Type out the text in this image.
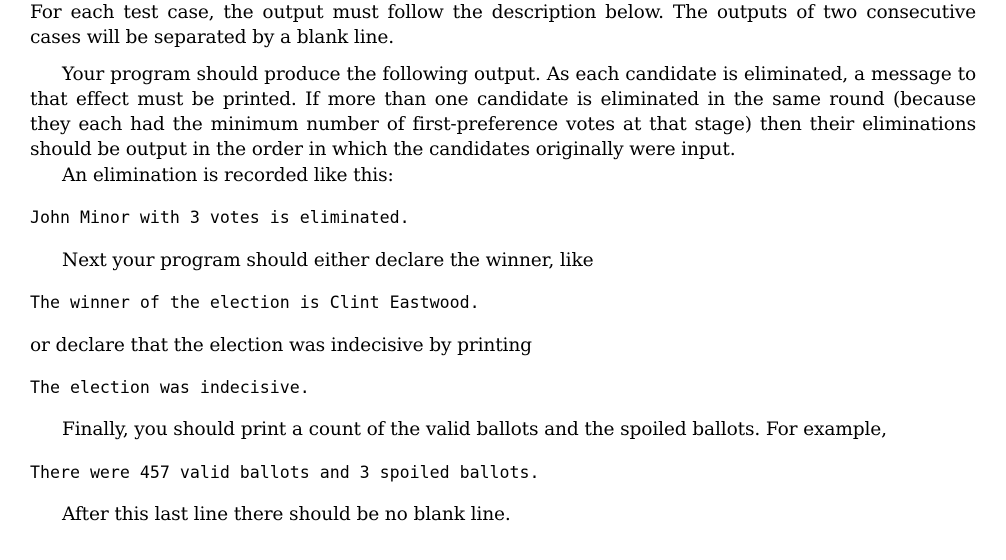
For each test case, the output must follow the description below. The outputs of two consecutive cases will be separated by a blank line.

Your program should produce the following output. As each candidate is eliminated, a message to that effect must be printed. If more than one candidate is eliminated in the same round (because they each had the minimum number of first-preference votes at that stage) then their eliminations should be output in the order in which the candidates originally were input.

An elimination is recorded like this:

John Minor with 3 votes is eliminated.

Next your program should either declare the winner, like

The winner of the election is Clint Eastwood.

or declare that the election was indecisive by printing

The election was indecisive.

Finally, you should print a count of the valid ballots and the spoiled ballots. For example,

There were 457 valid ballots and 3 spoiled ballots.

After this last line there should be no blank line.
